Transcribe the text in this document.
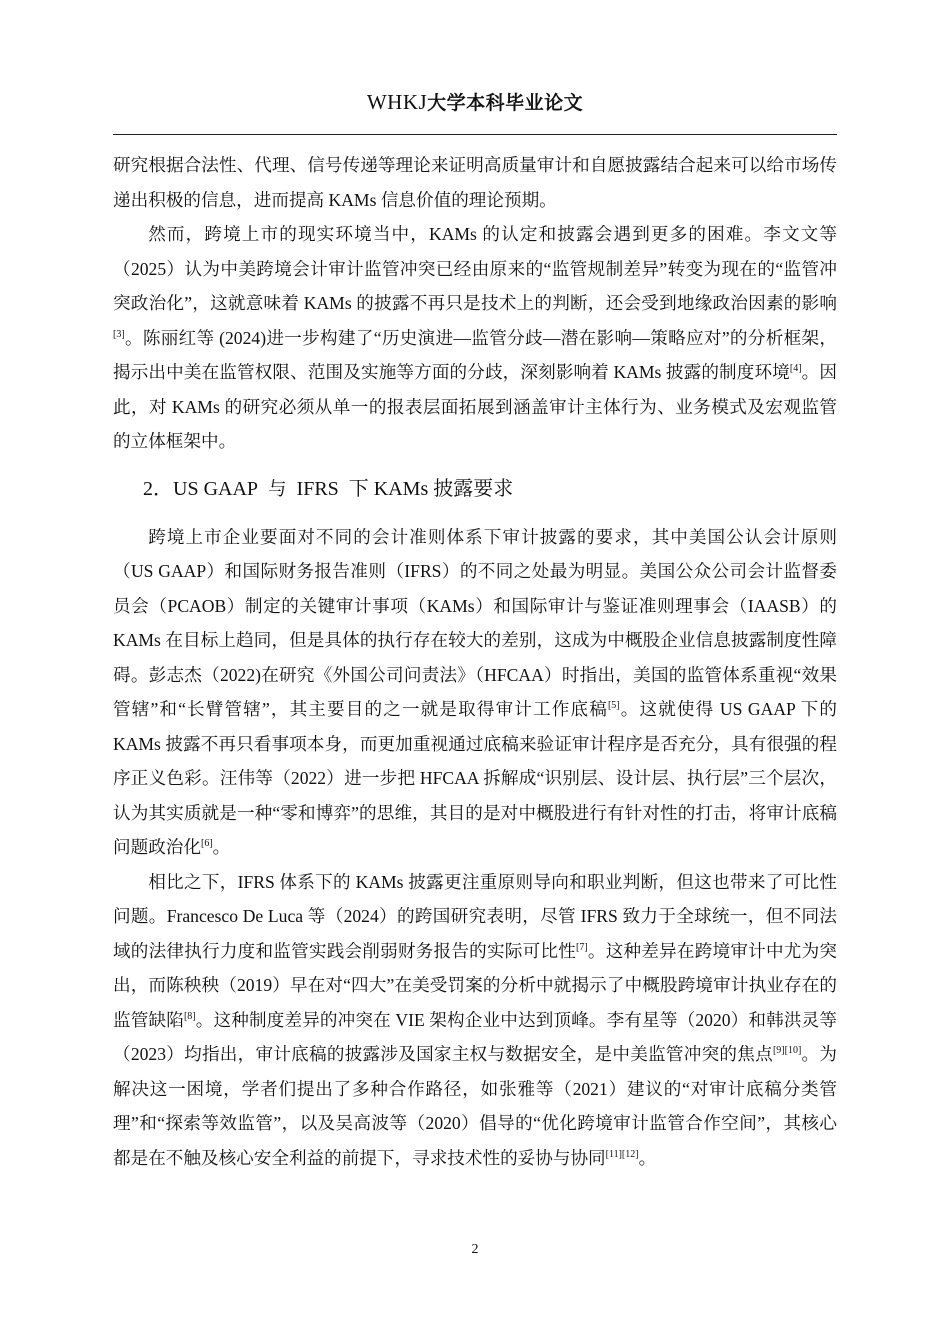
WHKJ大学本科毕业论文

研究根据合法性、代理、信号传递等理论来证明高质量审计和自愿披露结合起来可以给市场传递出积极的信息，进而提高 KAMs 信息价值的理论预期。

然而，跨境上市的现实环境当中，KAMs 的认定和披露会遇到更多的困难。李文文等（2025）认为中美跨境会计审计监管冲突已经由原来的“监管规制差异”转变为现在的“监管冲突政治化”，这就意味着 KAMs 的披露不再只是技术上的判断，还会受到地缘政治因素的影响[3]。陈丽红等 (2024)进一步构建了“历史演进—监管分歧—潜在影响—策略应对”的分析框架，揭示出中美在监管权限、范围及实施等方面的分歧，深刻影响着 KAMs 披露的制度环境[4]。因此，对 KAMs 的研究必须从单一的报表层面拓展到涵盖审计主体行为、业务模式及宏观监管的立体框架中。

2．US GAAP 与 IFRS 下 KAMs 披露要求

跨境上市企业要面对不同的会计准则体系下审计披露的要求，其中美国公认会计原则（US GAAP）和国际财务报告准则（IFRS）的不同之处最为明显。美国公众公司会计监督委员会（PCAOB）制定的关键审计事项（KAMs）和国际审计与鉴证准则理事会（IAASB）的 KAMs 在目标上趋同，但是具体的执行存在较大的差别，这成为中概股企业信息披露制度性障碍。彭志杰（2022)在研究《外国公司问责法》（HFCAA）时指出，美国的监管体系重视“效果管辖”和“长臂管辖”，其主要目的之一就是取得审计工作底稿[5]。这就使得 US GAAP 下的 KAMs 披露不再只看事项本身，而更加重视通过底稿来验证审计程序是否充分，具有很强的程序正义色彩。汪伟等（2022）进一步把 HFCAA 拆解成“识别层、设计层、执行层”三个层次，认为其实质就是一种“零和博弈”的思维，其目的是对中概股进行有针对性的打击，将审计底稿问题政治化[6]。

相比之下，IFRS 体系下的 KAMs 披露更注重原则导向和职业判断，但这也带来了可比性问题。Francesco De Luca 等（2024）的跨国研究表明，尽管 IFRS 致力于全球统一，但不同法域的法律执行力度和监管实践会削弱财务报告的实际可比性[7]。这种差异在跨境审计中尤为突出，而陈秧秧（2019）早在对“四大”在美受罚案的分析中就揭示了中概股跨境审计执业存在的监管缺陷[8]。这种制度差异的冲突在 VIE 架构企业中达到顶峰。李有星等（2020）和韩洪灵等（2023）均指出，审计底稿的披露涉及国家主权与数据安全，是中美监管冲突的焦点[9][10]。为解决这一困境，学者们提出了多种合作路径，如张雅等（2021）建议的“对审计底稿分类管理”和“探索等效监管”，以及吴高波等（2020）倡导的“优化跨境审计监管合作空间”，其核心都是在不触及核心安全利益的前提下，寻求技术性的妥协与协同[11][12]。

2
